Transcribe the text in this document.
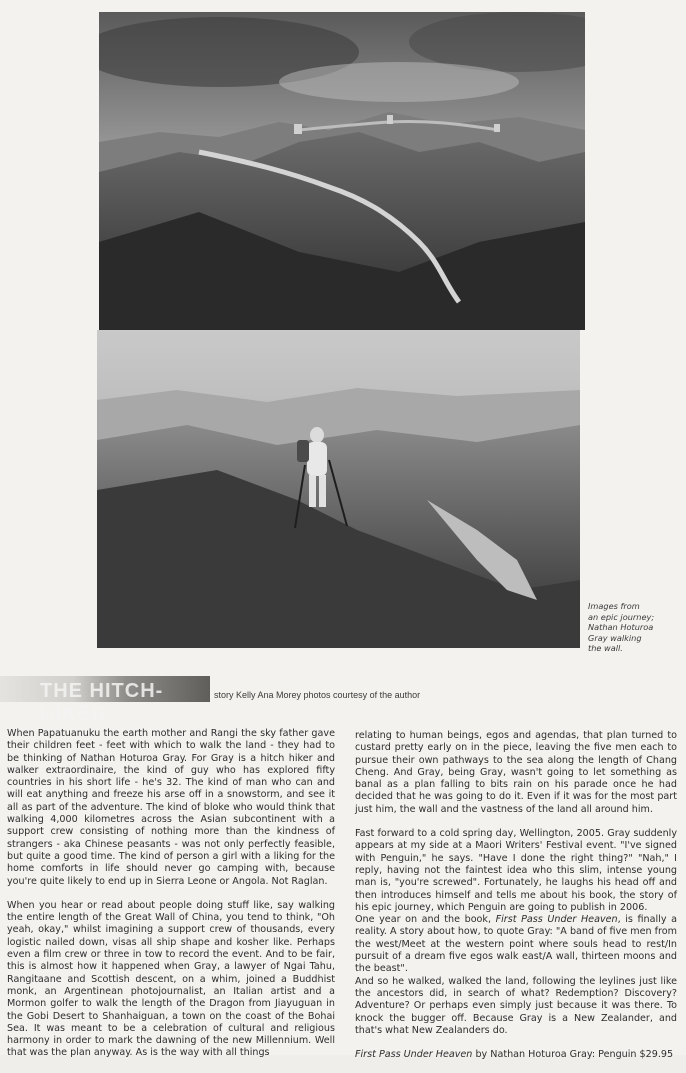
Images from
an epic journey;
Nathan Hoturoa
Gray walking
the wall.
THE HITCH-HIKER
story Kelly Ana Morey photos courtesy of the author

When Papatuanuku the earth mother and Rangi the sky father gave their children feet - feet with which to walk the land - they had to be thinking of Nathan Hoturoa Gray. For Gray is a hitch hiker and walker extraordinaire, the kind of guy who has explored fifty countries in his short life - he's 32. The kind of man who can and will eat anything and freeze his arse off in a snowstorm, and see it all as part of the adventure. The kind of bloke who would think that walking 4,000 kilometres across the Asian subcontinent with a support crew consisting of nothing more than the kindness of strangers - aka Chinese peasants - was not only perfectly feasible, but quite a good time. The kind of person a girl with a liking for the home comforts in life should never go camping with, because you're quite likely to end up in Sierra Leone or Angola. Not Raglan.

When you hear or read about people doing stuff like, say walking the entire length of the Great Wall of China, you tend to think, "Oh yeah, okay," whilst imagining a support crew of thousands, every logistic nailed down, visas all ship shape and kosher like. Perhaps even a film crew or three in tow to record the event. And to be fair, this is almost how it happened when Gray, a lawyer of Ngai Tahu, Rangitaane and Scottish descent, on a whim, joined a Buddhist monk, an Argentinean photojournalist, an Italian artist and a Mormon golfer to walk the length of the Dragon from Jiayuguan in the Gobi Desert to Shanhaiguan, a town on the coast of the Bohai Sea. It was meant to be a celebration of cultural and religious harmony in order to mark the dawning of the new Millennium. Well that was the plan anyway. As is the way with all things

relating to human beings, egos and agendas, that plan turned to custard pretty early on in the piece, leaving the five men each to pursue their own pathways to the sea along the length of Chang Cheng. And Gray, being Gray, wasn't going to let something as banal as a plan falling to bits rain on his parade once he had decided that he was going to do it. Even if it was for the most part just him, the wall and the vastness of the land all around him.

Fast forward to a cold spring day, Wellington, 2005. Gray suddenly appears at my side at a Maori Writers' Festival event. "I've signed with Penguin," he says. "Have I done the right thing?" "Nah," I reply, having not the faintest idea who this slim, intense young man is, "you're screwed". Fortunately, he laughs his head off and then introduces himself and tells me about his book, the story of his epic journey, which Penguin are going to publish in 2006.

One year on and the book, First Pass Under Heaven, is finally a reality. A story about how, to quote Gray: "A band of five men from the west/Meet at the western point where souls head to rest/In pursuit of a dream five egos walk east/A wall, thirteen moons and the beast".

And so he walked, walked the land, following the leylines just like the ancestors did, in search of what? Redemption? Discovery? Adventure? Or perhaps even simply just because it was there. To knock the bugger off. Because Gray is a New Zealander, and that's what New Zealanders do.

First Pass Under Heaven by Nathan Hoturoa Gray: Penguin $29.95
